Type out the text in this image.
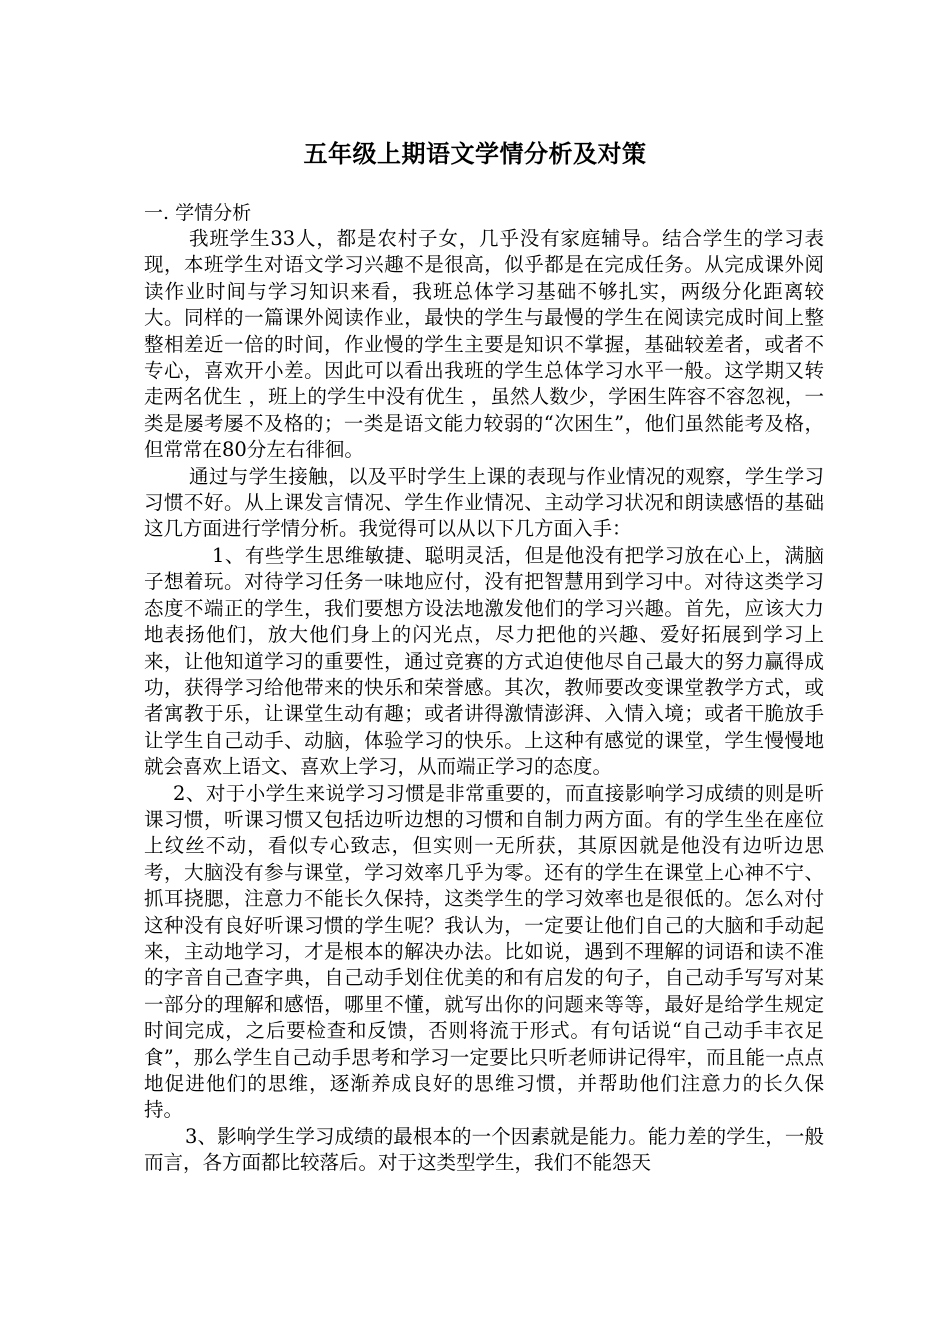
五年级上期语文学情分析及对策
一. 学情分析

我班学生33人，都是农村子女，几乎没有家庭辅导。结合学生的学习表现，本班学生对语文学习兴趣不是很高，似乎都是在完成任务。从完成课外阅读作业时间与学习知识来看，我班总体学习基础不够扎实，两级分化距离较大。同样的一篇课外阅读作业，最快的学生与最慢的学生在阅读完成时间上整整相差近一倍的时间，作业慢的学生主要是知识不掌握，基础较差者，或者不专心，喜欢开小差。因此可以看出我班的学生总体学习水平一般。这学期又转走两名优生 ，班上的学生中没有优生 ，虽然人数少，学困生阵容不容忽视，一类是屡考屡不及格的；一类是语文能力较弱的“次困生”，他们虽然能考及格，但常常在80分左右徘徊。

通过与学生接触，以及平时学生上课的表现与作业情况的观察，学生学习习惯不好。从上课发言情况、学生作业情况、主动学习状况和朗读感悟的基础这几方面进行学情分析。我觉得可以从以下几方面入手：

1、有些学生思维敏捷、聪明灵活，但是他没有把学习放在心上，满脑子想着玩。对待学习任务一味地应付，没有把智慧用到学习中。对待这类学习态度不端正的学生，我们要想方设法地激发他们的学习兴趣。首先，应该大力地表扬他们，放大他们身上的闪光点，尽力把他的兴趣、爱好拓展到学习上来，让他知道学习的重要性，通过竞赛的方式迫使他尽自己最大的努力赢得成功，获得学习给他带来的快乐和荣誉感。其次，教师要改变课堂教学方式，或者寓教于乐，让课堂生动有趣；或者讲得激情澎湃、入情入境；或者干脆放手让学生自己动手、动脑，体验学习的快乐。上这种有感觉的课堂，学生慢慢地就会喜欢上语文、喜欢上学习，从而端正学习的态度。

2、对于小学生来说学习习惯是非常重要的，而直接影响学习成绩的则是听课习惯，听课习惯又包括边听边想的习惯和自制力两方面。有的学生坐在座位上纹丝不动，看似专心致志，但实则一无所获，其原因就是他没有边听边思考，大脑没有参与课堂，学习效率几乎为零。还有的学生在课堂上心神不宁、抓耳挠腮，注意力不能长久保持，这类学生的学习效率也是很低的。怎么对付这种没有良好听课习惯的学生呢？我认为，一定要让他们自己的大脑和手动起来，主动地学习，才是根本的解决办法。比如说，遇到不理解的词语和读不准的字音自己查字典，自己动手划住优美的和有启发的句子，自己动手写写对某一部分的理解和感悟，哪里不懂，就写出你的问题来等等，最好是给学生规定时间完成，之后要检查和反馈，否则将流于形式。有句话说“自己动手丰衣足食”，那么学生自己动手思考和学习一定要比只听老师讲记得牢，而且能一点点地促进他们的思维，逐渐养成良好的思维习惯，并帮助他们注意力的长久保持。

3、影响学生学习成绩的最根本的一个因素就是能力。能力差的学生，一般而言，各方面都比较落后。对于这类型学生，我们不能怨天
